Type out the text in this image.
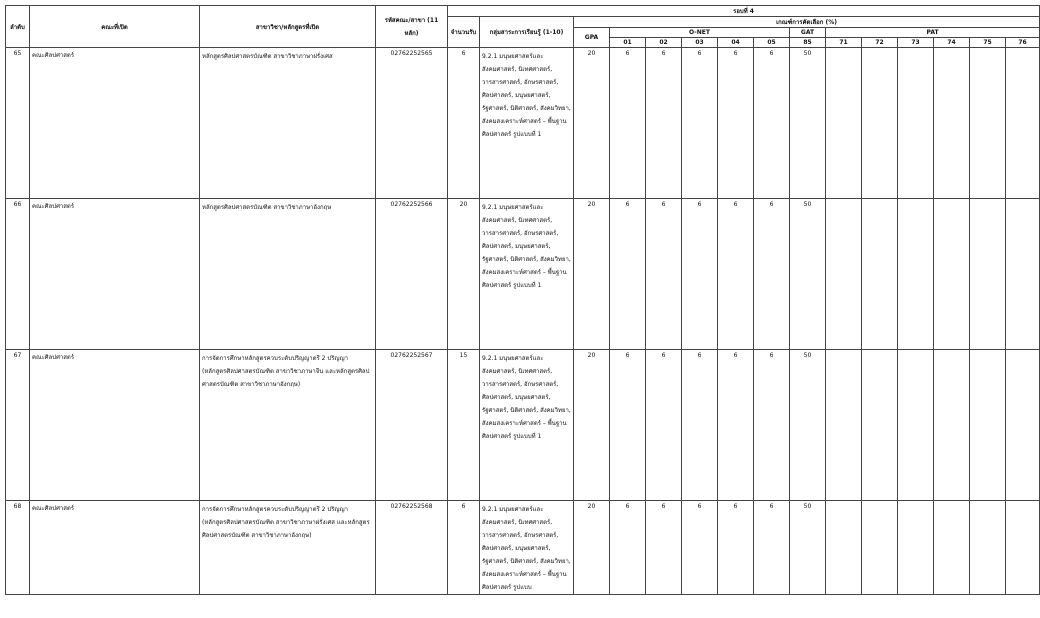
ลำดับ	คณะที่เปิด	สาขาวิชา/หลักสูตรที่เปิด	รหัสคณะ/สาขา (11
หลัก)	รอบที่ 4														
				จำนวนรับ	กลุ่มสาระการเรียนรู้ (1-10)	เกณฑ์การคัดเลือก (%)												
						GPA	O-NET					GAT	PAT					
							01	02	03	04	05	85	71	72	73	74	75	76
65	คณะศิลปศาสตร์	หลักสูตรศิลปศาสตรบัณฑิต สาขาวิชาภาษาฝรั่งเศส	02762252565	6	9.2.1 มนุษยศาสตร์และสังคมศาสตร์, นิเทศศาสตร์, วารสารศาสตร์, อักษรศาสตร์, ศิลปศาสตร์, มนุษยศาสตร์, รัฐศาสตร์, นิติศาสตร์, สังคมวิทยา, สังคมสงเคราะห์ศาสตร์ – พื้นฐานศิลปศาสตร์ รูปแบบที่ 1	20	6	6	6	6	6	50						
66	คณะศิลปศาสตร์	หลักสูตรศิลปศาสตรบัณฑิต สาขาวิชาภาษาอังกฤษ	02762252566	20	9.2.1 มนุษยศาสตร์และสังคมศาสตร์, นิเทศศาสตร์, วารสารศาสตร์, อักษรศาสตร์, ศิลปศาสตร์, มนุษยศาสตร์, รัฐศาสตร์, นิติศาสตร์, สังคมวิทยา, สังคมสงเคราะห์ศาสตร์ – พื้นฐานศิลปศาสตร์ รูปแบบที่ 1	20	6	6	6	6	6	50						
67	คณะศิลปศาสตร์	การจัดการศึกษาหลักสูตรควบระดับปริญญาตรี 2 ปริญญา (หลักสูตรศิลปศาสตรบัณฑิต สาขาวิชาภาษาจีน และหลักสูตรศิลปศาสตรบัณฑิต สาขาวิชาภาษาอังกฤษ)	02762252567	15	9.2.1 มนุษยศาสตร์และสังคมศาสตร์, นิเทศศาสตร์, วารสารศาสตร์, อักษรศาสตร์, ศิลปศาสตร์, มนุษยศาสตร์, รัฐศาสตร์, นิติศาสตร์, สังคมวิทยา, สังคมสงเคราะห์ศาสตร์ – พื้นฐานศิลปศาสตร์ รูปแบบที่ 1	20	6	6	6	6	6	50						
68	คณะศิลปศาสตร์	การจัดการศึกษาหลักสูตรควบระดับปริญญาตรี 2 ปริญญา (หลักสูตรศิลปศาสตรบัณฑิต สาขาวิชาภาษาฝรั่งเศส และหลักสูตรศิลปศาสตรบัณฑิต สาขาวิชาภาษาอังกฤษ)	02762252568	6	9.2.1 มนุษยศาสตร์และสังคมศาสตร์, นิเทศศาสตร์, วารสารศาสตร์, อักษรศาสตร์, ศิลปศาสตร์, มนุษยศาสตร์, รัฐศาสตร์, นิติศาสตร์, สังคมวิทยา, สังคมสงเคราะห์ศาสตร์ – พื้นฐานศิลปศาสตร์ รูปแบบ	20	6	6	6	6	6	50						
